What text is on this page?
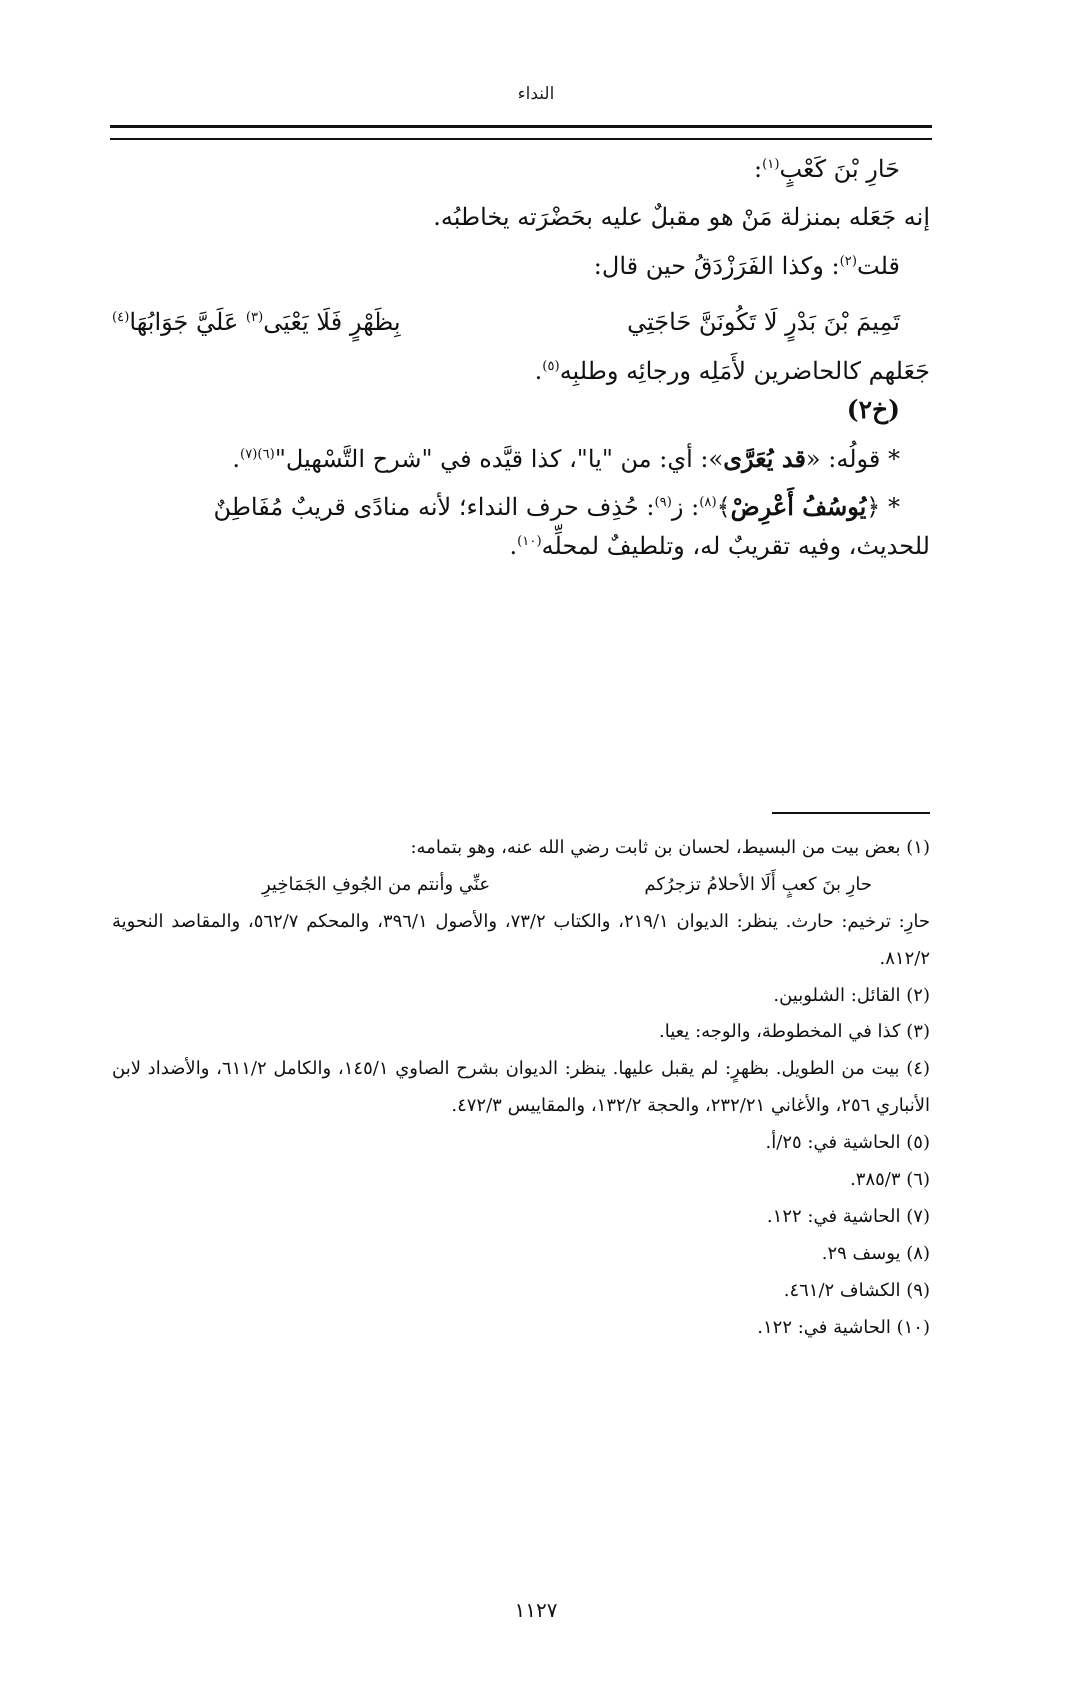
النداء

حَارِ بْنَ كَعْبٍ$^{(١)}$:

إنه جَعَله بمنزلة مَنْ هو مقبلٌ عليه بحَضْرَته يخاطبُه.

قلت$^{(٢)}$: وكذا الفَرَزْدَقُ حين قال:

تَمِيمَ بْنَ بَدْرٍ لَا تَكُونَنَّ حَاجَتِي
بِظَهْرٍ فَلَا يَعْيَى$^{(٣)}$ عَلَيَّ جَوَابُهَا$^{(٤)}$

جَعَلهم كالحاضرين لأَمَلِه ورجائِه وطلبِه$^{(٥)}$.

(خ٢)

* قولُه: «قد يُعَرَّى»: أي: من "يا"، كذا قيَّده في "شرح التَّسْهيل"$^{(٦)(٧)}$.

* ﴿يُوسُفُ أَعْرِضْ﴾$^{(٨)}$: ز$^{(٩)}$: حُذِف حرف النداء؛ لأنه منادًى قريبٌ مُفَاطِنٌ

للحديث، وفيه تقريبٌ له، وتلطيفٌ لمحلِّه$^{(١٠)}$.

(١) بعض بيت من البسيط، لحسان بن ثابت رضي الله عنه، وهو بتمامه:

حارِ بنَ كعبٍ أَلَا الأحلامُ تزجرُكم
عنِّي وأنتم من الجُوفِ الجَمَاخِيرِ

حارِ: ترخيم: حارث. ينظر: الديوان ٢١٩/١، والكتاب ٧٣/٢، والأصول ٣٩٦/١، والمحكم ٥٦٢/٧، والمقاصد النحوية ٨١٢/٢.

(٢) القائل: الشلوبين.

(٣) كذا في المخطوطة، والوجه: يعيا.

(٤) بيت من الطويل. بظهرٍ: لم يقبل عليها. ينظر: الديوان بشرح الصاوي ١٤٥/١، والكامل ٦١١/٢، والأضداد لابن الأنباري ٢٥٦، والأغاني ٢٣٢/٢١، والحجة ١٣٢/٢، والمقاييس ٤٧٢/٣.

(٥) الحاشية في: ٢٥/أ.

(٦) ٣٨٥/٣.

(٧) الحاشية في: ١٢٢.

(٨) يوسف ٢٩.

(٩) الكشاف ٤٦١/٢.

(١٠) الحاشية في: ١٢٢.

١١٢٧
